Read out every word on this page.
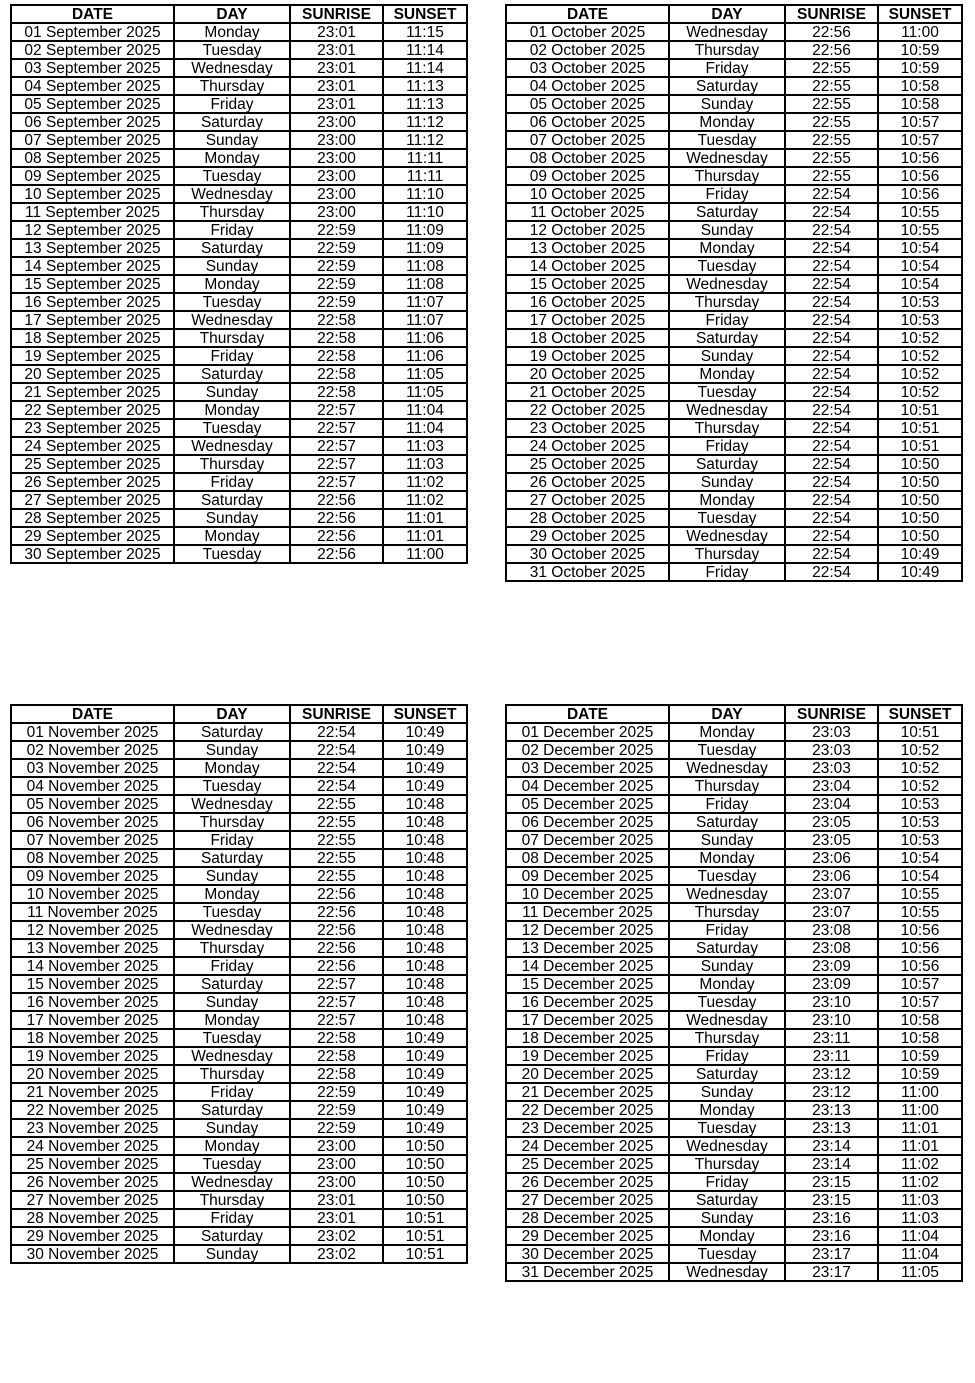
DATE	DAY	SUNRISE	SUNSET
01 September 2025	Monday	23:01	11:15
02 September 2025	Tuesday	23:01	11:14
03 September 2025	Wednesday	23:01	11:14
04 September 2025	Thursday	23:01	11:13
05 September 2025	Friday	23:01	11:13
06 September 2025	Saturday	23:00	11:12
07 September 2025	Sunday	23:00	11:12
08 September 2025	Monday	23:00	11:11
09 September 2025	Tuesday	23:00	11:11
10 September 2025	Wednesday	23:00	11:10
11 September 2025	Thursday	23:00	11:10
12 September 2025	Friday	22:59	11:09
13 September 2025	Saturday	22:59	11:09
14 September 2025	Sunday	22:59	11:08
15 September 2025	Monday	22:59	11:08
16 September 2025	Tuesday	22:59	11:07
17 September 2025	Wednesday	22:58	11:07
18 September 2025	Thursday	22:58	11:06
19 September 2025	Friday	22:58	11:06
20 September 2025	Saturday	22:58	11:05
21 September 2025	Sunday	22:58	11:05
22 September 2025	Monday	22:57	11:04
23 September 2025	Tuesday	22:57	11:04
24 September 2025	Wednesday	22:57	11:03
25 September 2025	Thursday	22:57	11:03
26 September 2025	Friday	22:57	11:02
27 September 2025	Saturday	22:56	11:02
28 September 2025	Sunday	22:56	11:01
29 September 2025	Monday	22:56	11:01
30 September 2025	Tuesday	22:56	11:00
DATE	DAY	SUNRISE	SUNSET
01 October 2025	Wednesday	22:56	11:00
02 October 2025	Thursday	22:56	10:59
03 October 2025	Friday	22:55	10:59
04 October 2025	Saturday	22:55	10:58
05 October 2025	Sunday	22:55	10:58
06 October 2025	Monday	22:55	10:57
07 October 2025	Tuesday	22:55	10:57
08 October 2025	Wednesday	22:55	10:56
09 October 2025	Thursday	22:55	10:56
10 October 2025	Friday	22:54	10:56
11 October 2025	Saturday	22:54	10:55
12 October 2025	Sunday	22:54	10:55
13 October 2025	Monday	22:54	10:54
14 October 2025	Tuesday	22:54	10:54
15 October 2025	Wednesday	22:54	10:54
16 October 2025	Thursday	22:54	10:53
17 October 2025	Friday	22:54	10:53
18 October 2025	Saturday	22:54	10:52
19 October 2025	Sunday	22:54	10:52
20 October 2025	Monday	22:54	10:52
21 October 2025	Tuesday	22:54	10:52
22 October 2025	Wednesday	22:54	10:51
23 October 2025	Thursday	22:54	10:51
24 October 2025	Friday	22:54	10:51
25 October 2025	Saturday	22:54	10:50
26 October 2025	Sunday	22:54	10:50
27 October 2025	Monday	22:54	10:50
28 October 2025	Tuesday	22:54	10:50
29 October 2025	Wednesday	22:54	10:50
30 October 2025	Thursday	22:54	10:49
31 October 2025	Friday	22:54	10:49
DATE	DAY	SUNRISE	SUNSET
01 November 2025	Saturday	22:54	10:49
02 November 2025	Sunday	22:54	10:49
03 November 2025	Monday	22:54	10:49
04 November 2025	Tuesday	22:54	10:49
05 November 2025	Wednesday	22:55	10:48
06 November 2025	Thursday	22:55	10:48
07 November 2025	Friday	22:55	10:48
08 November 2025	Saturday	22:55	10:48
09 November 2025	Sunday	22:55	10:48
10 November 2025	Monday	22:56	10:48
11 November 2025	Tuesday	22:56	10:48
12 November 2025	Wednesday	22:56	10:48
13 November 2025	Thursday	22:56	10:48
14 November 2025	Friday	22:56	10:48
15 November 2025	Saturday	22:57	10:48
16 November 2025	Sunday	22:57	10:48
17 November 2025	Monday	22:57	10:48
18 November 2025	Tuesday	22:58	10:49
19 November 2025	Wednesday	22:58	10:49
20 November 2025	Thursday	22:58	10:49
21 November 2025	Friday	22:59	10:49
22 November 2025	Saturday	22:59	10:49
23 November 2025	Sunday	22:59	10:49
24 November 2025	Monday	23:00	10:50
25 November 2025	Tuesday	23:00	10:50
26 November 2025	Wednesday	23:00	10:50
27 November 2025	Thursday	23:01	10:50
28 November 2025	Friday	23:01	10:51
29 November 2025	Saturday	23:02	10:51
30 November 2025	Sunday	23:02	10:51
DATE	DAY	SUNRISE	SUNSET
01 December 2025	Monday	23:03	10:51
02 December 2025	Tuesday	23:03	10:52
03 December 2025	Wednesday	23:03	10:52
04 December 2025	Thursday	23:04	10:52
05 December 2025	Friday	23:04	10:53
06 December 2025	Saturday	23:05	10:53
07 December 2025	Sunday	23:05	10:53
08 December 2025	Monday	23:06	10:54
09 December 2025	Tuesday	23:06	10:54
10 December 2025	Wednesday	23:07	10:55
11 December 2025	Thursday	23:07	10:55
12 December 2025	Friday	23:08	10:56
13 December 2025	Saturday	23:08	10:56
14 December 2025	Sunday	23:09	10:56
15 December 2025	Monday	23:09	10:57
16 December 2025	Tuesday	23:10	10:57
17 December 2025	Wednesday	23:10	10:58
18 December 2025	Thursday	23:11	10:58
19 December 2025	Friday	23:11	10:59
20 December 2025	Saturday	23:12	10:59
21 December 2025	Sunday	23:12	11:00
22 December 2025	Monday	23:13	11:00
23 December 2025	Tuesday	23:13	11:01
24 December 2025	Wednesday	23:14	11:01
25 December 2025	Thursday	23:14	11:02
26 December 2025	Friday	23:15	11:02
27 December 2025	Saturday	23:15	11:03
28 December 2025	Sunday	23:16	11:03
29 December 2025	Monday	23:16	11:04
30 December 2025	Tuesday	23:17	11:04
31 December 2025	Wednesday	23:17	11:05
